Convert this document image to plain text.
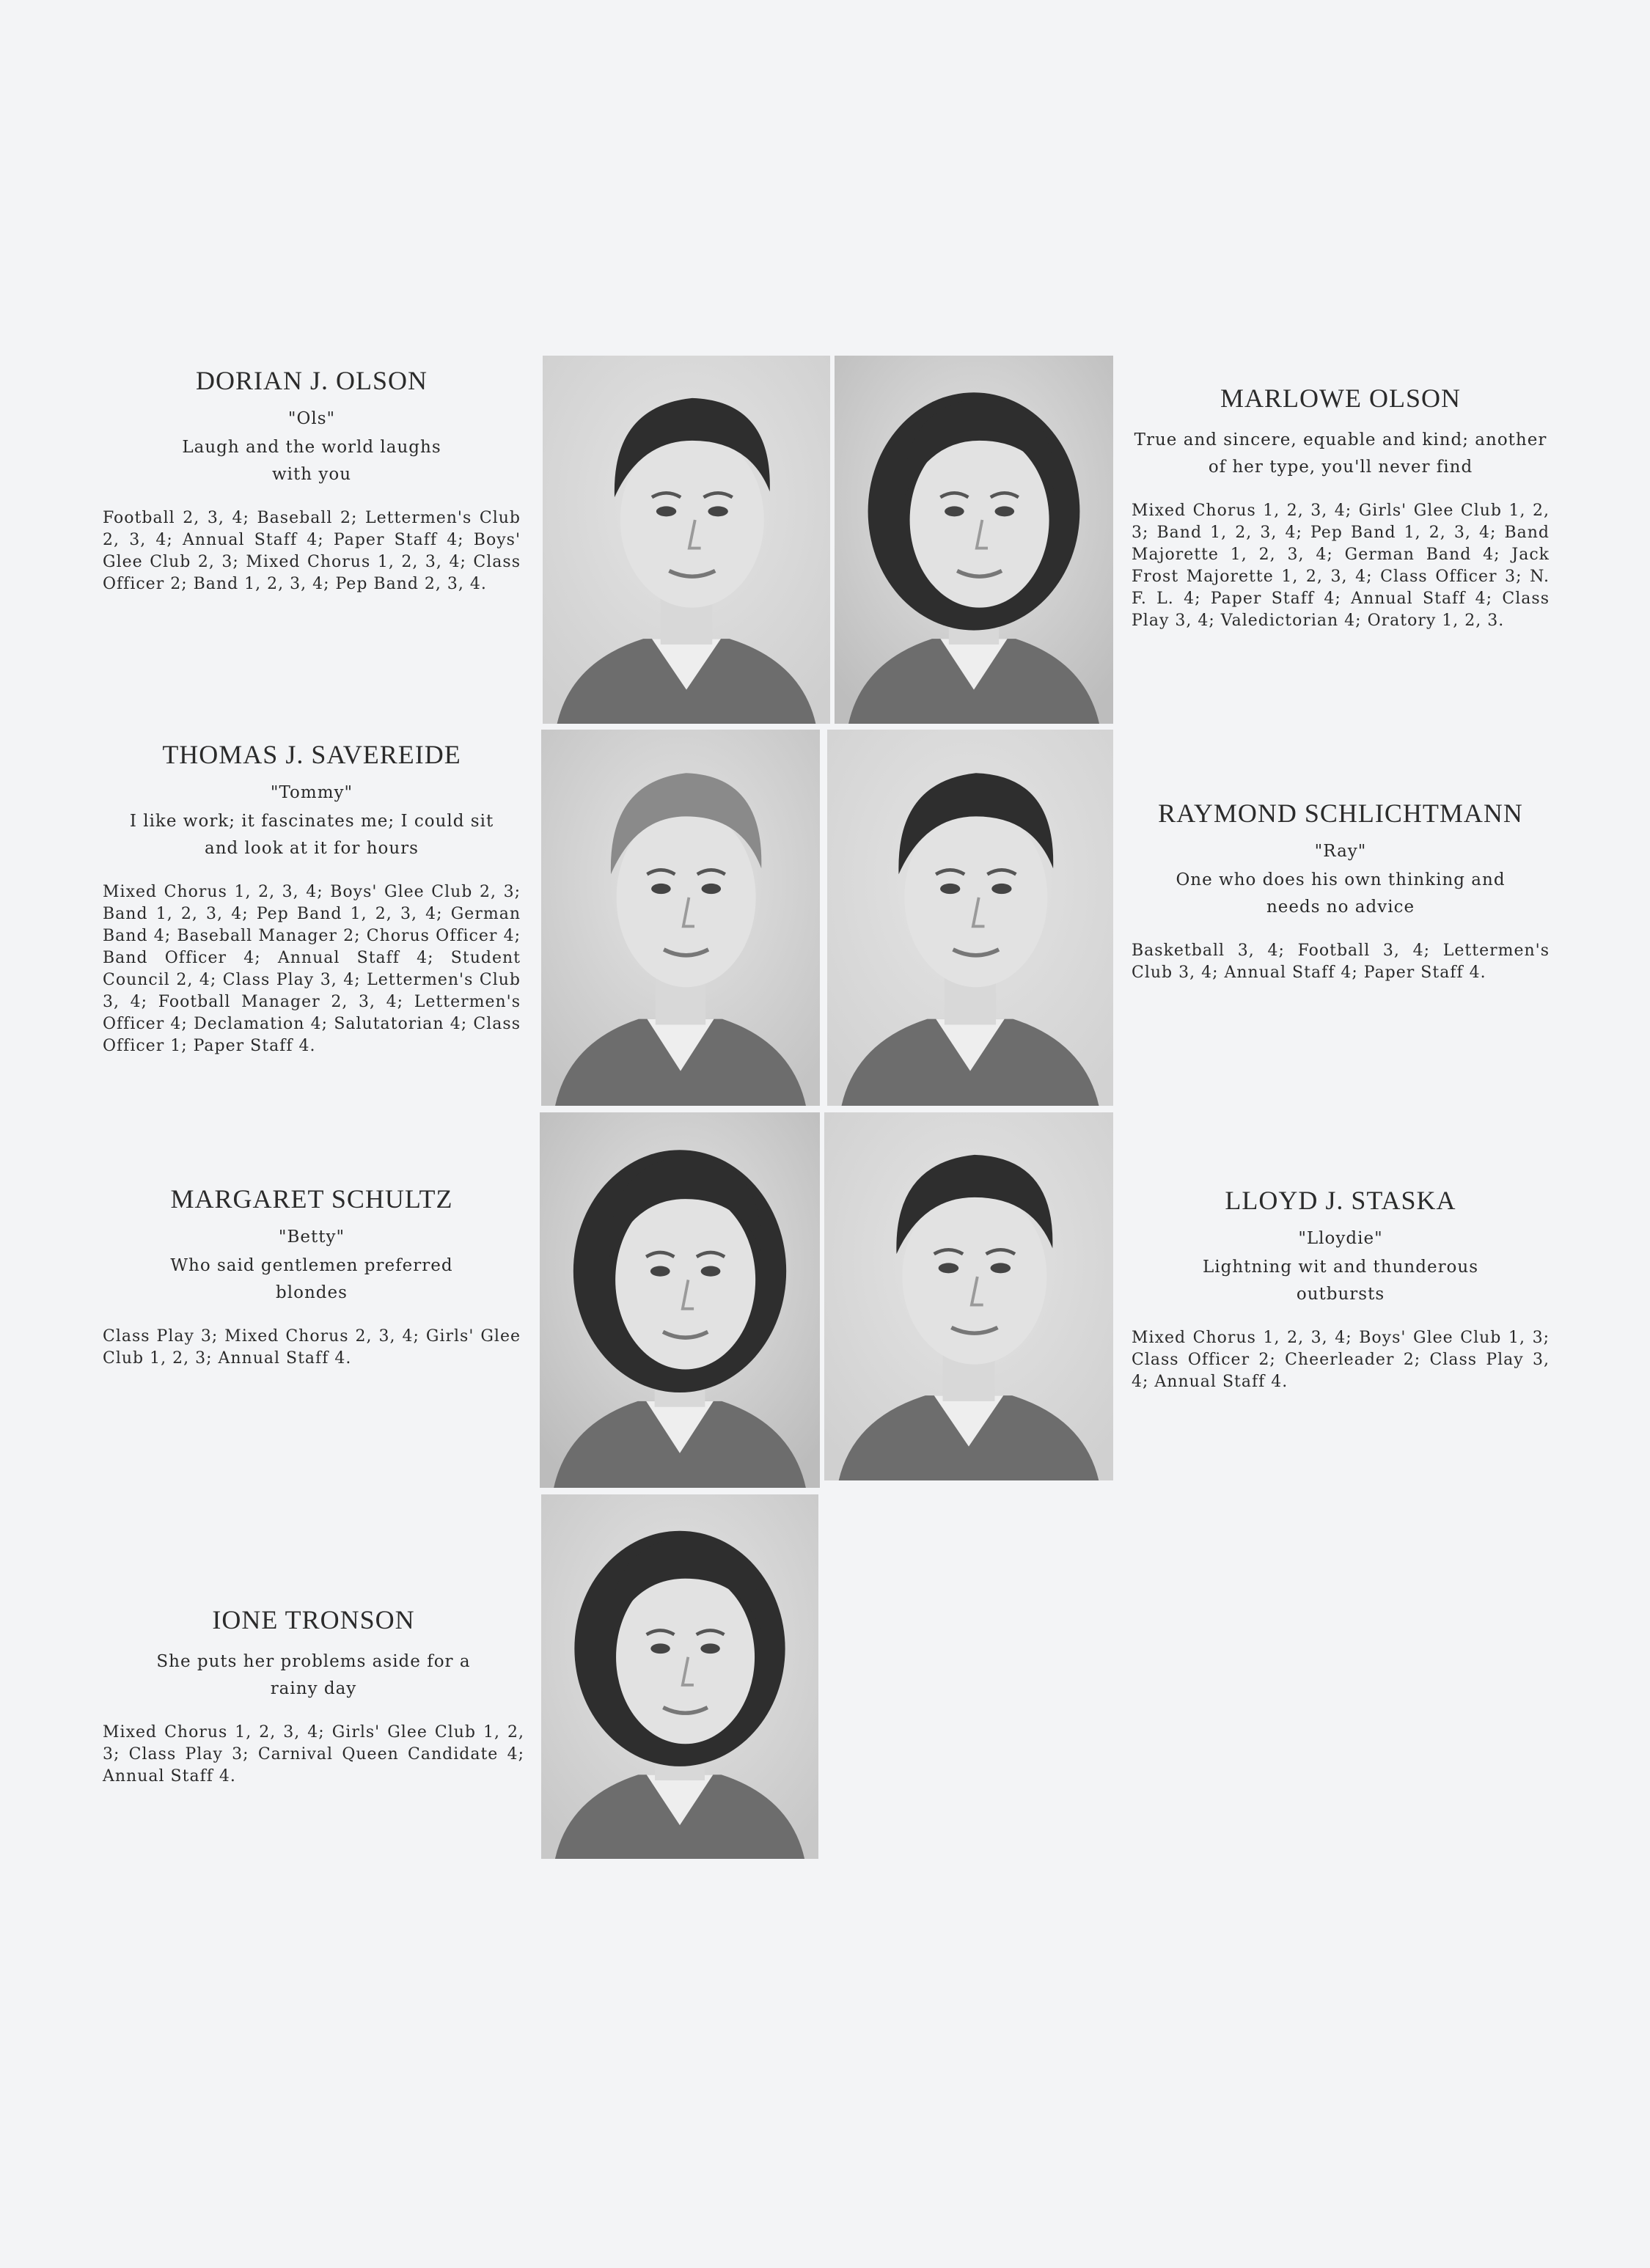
DORIAN J. OLSON
"Ols"
Laugh and the world laughs with you
Football 2, 3, 4; Baseball 2; Lettermen's Club 2, 3, 4; Annual Staff 4; Paper Staff 4; Boys' Glee Club 2, 3; Mixed Chorus 1, 2, 3, 4; Class Officer 2; Band 1, 2, 3, 4; Pep Band 2, 3, 4.
THOMAS J. SAVEREIDE
"Tommy"
I like work; it fascinates me; I could sit and look at it for hours
Mixed Chorus 1, 2, 3, 4; Boys' Glee Club 2, 3; Band 1, 2, 3, 4; Pep Band 1, 2, 3, 4; German Band 4; Baseball Manager 2; Chorus Officer 4; Band Officer 4; Annual Staff 4; Student Council 2, 4; Class Play 3, 4; Lettermen's Club 3, 4; Football Manager 2, 3, 4; Lettermen's Officer 4; Declamation 4; Salutatorian 4; Class Officer 1; Paper Staff 4.
MARGARET SCHULTZ
"Betty"
Who said gentlemen preferred blondes
Class Play 3; Mixed Chorus 2, 3, 4; Girls' Glee Club 1, 2, 3; Annual Staff 4.
IONE TRONSON
She puts her problems aside for a rainy day
Mixed Chorus 1, 2, 3, 4; Girls' Glee Club 1, 2, 3; Class Play 3; Carnival Queen Candidate 4; Annual Staff 4.
MARLOWE OLSON
True and sincere, equable and kind; another of her type, you'll never find
Mixed Chorus 1, 2, 3, 4; Girls' Glee Club 1, 2, 3; Band 1, 2, 3, 4; Pep Band 1, 2, 3, 4; Band Majorette 1, 2, 3, 4; German Band 4; Jack Frost Majorette 1, 2, 3, 4; Class Officer 3; N. F. L. 4; Paper Staff 4; Annual Staff 4; Class Play 3, 4; Valedictorian 4; Oratory 1, 2, 3.
RAYMOND SCHLICHTMANN
"Ray"
One who does his own thinking and needs no advice
Basketball 3, 4; Football 3, 4; Lettermen's Club 3, 4; Annual Staff 4; Paper Staff 4.
LLOYD J. STASKA
"Lloydie"
Lightning wit and thunderous outbursts
Mixed Chorus 1, 2, 3, 4; Boys' Glee Club 1, 3; Class Officer 2; Cheerleader 2; Class Play 3, 4; Annual Staff 4.
